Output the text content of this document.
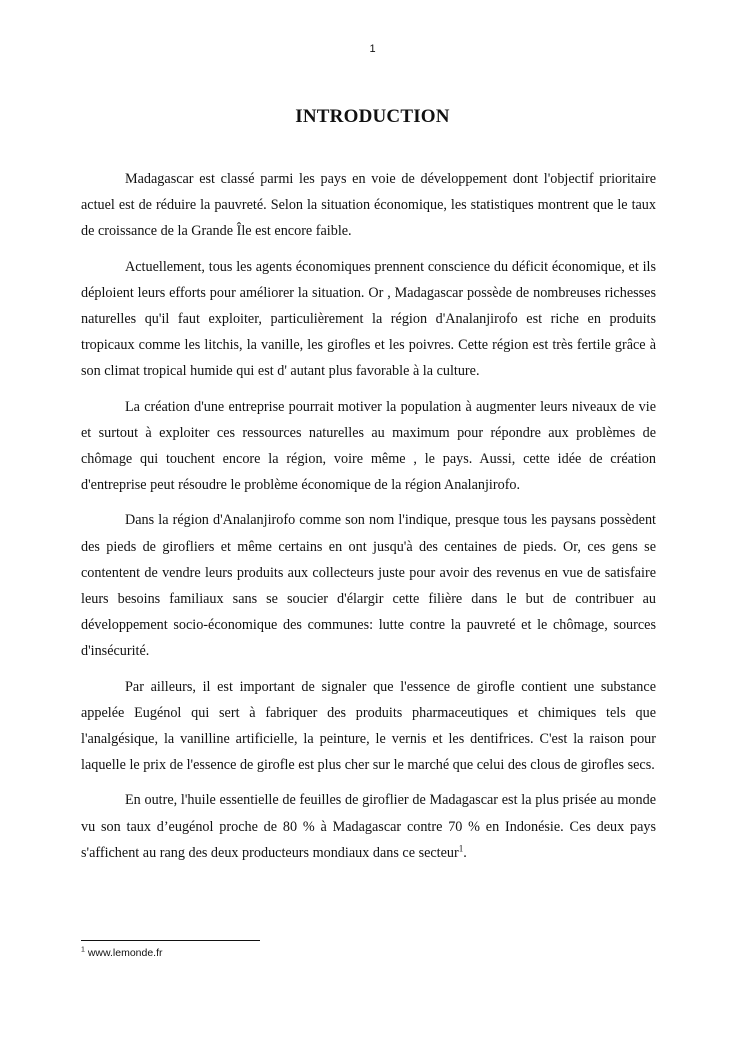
1
INTRODUCTION

Madagascar est classé parmi les pays en voie de développement dont l'objectif prioritaire actuel est de réduire la pauvreté. Selon la situation économique, les statistiques montrent que le taux de croissance de la Grande Île est encore faible.

Actuellement, tous les agents économiques prennent conscience du déficit économique, et ils déploient leurs efforts pour améliorer la situation. Or , Madagascar possède de nombreuses richesses naturelles qu'il faut exploiter, particulièrement la région d'Analanjirofo est riche en produits tropicaux comme les litchis, la vanille, les girofles et les poivres. Cette région est très fertile grâce à son climat tropical humide qui est d' autant plus favorable à la culture.

La création d'une entreprise pourrait motiver la population à augmenter leurs niveaux de vie et surtout à exploiter ces ressources naturelles au maximum pour répondre aux problèmes de chômage qui touchent encore la région, voire même , le pays. Aussi, cette idée de création d'entreprise peut résoudre le problème économique de la région Analanjirofo.

Dans la région d'Analanjirofo comme son nom l'indique, presque tous les paysans possèdent des pieds de girofliers et même certains en ont jusqu'à des centaines de pieds. Or, ces gens se contentent de vendre leurs produits aux collecteurs juste pour avoir des revenus en vue de satisfaire leurs besoins familiaux sans se soucier d'élargir cette filière dans le but de contribuer au développement socio-économique des communes: lutte contre la pauvreté et le chômage, sources d'insécurité.

Par ailleurs, il est important de signaler que l'essence de girofle contient une substance appelée Eugénol qui sert à fabriquer des produits pharmaceutiques et chimiques tels que l'analgésique, la vanilline artificielle, la peinture, le vernis et les dentifrices. C'est la raison pour laquelle le prix de l'essence de girofle est plus cher sur le marché que celui des clous de girofles secs.

En outre, l'huile essentielle de feuilles de giroflier de Madagascar est la plus prisée au monde vu son taux d’eugénol proche de 80 % à Madagascar contre 70 % en Indonésie. Ces deux pays s'affichent au rang des deux producteurs mondiaux dans ce secteur$^1$.

$^1$ www.lemonde.fr
